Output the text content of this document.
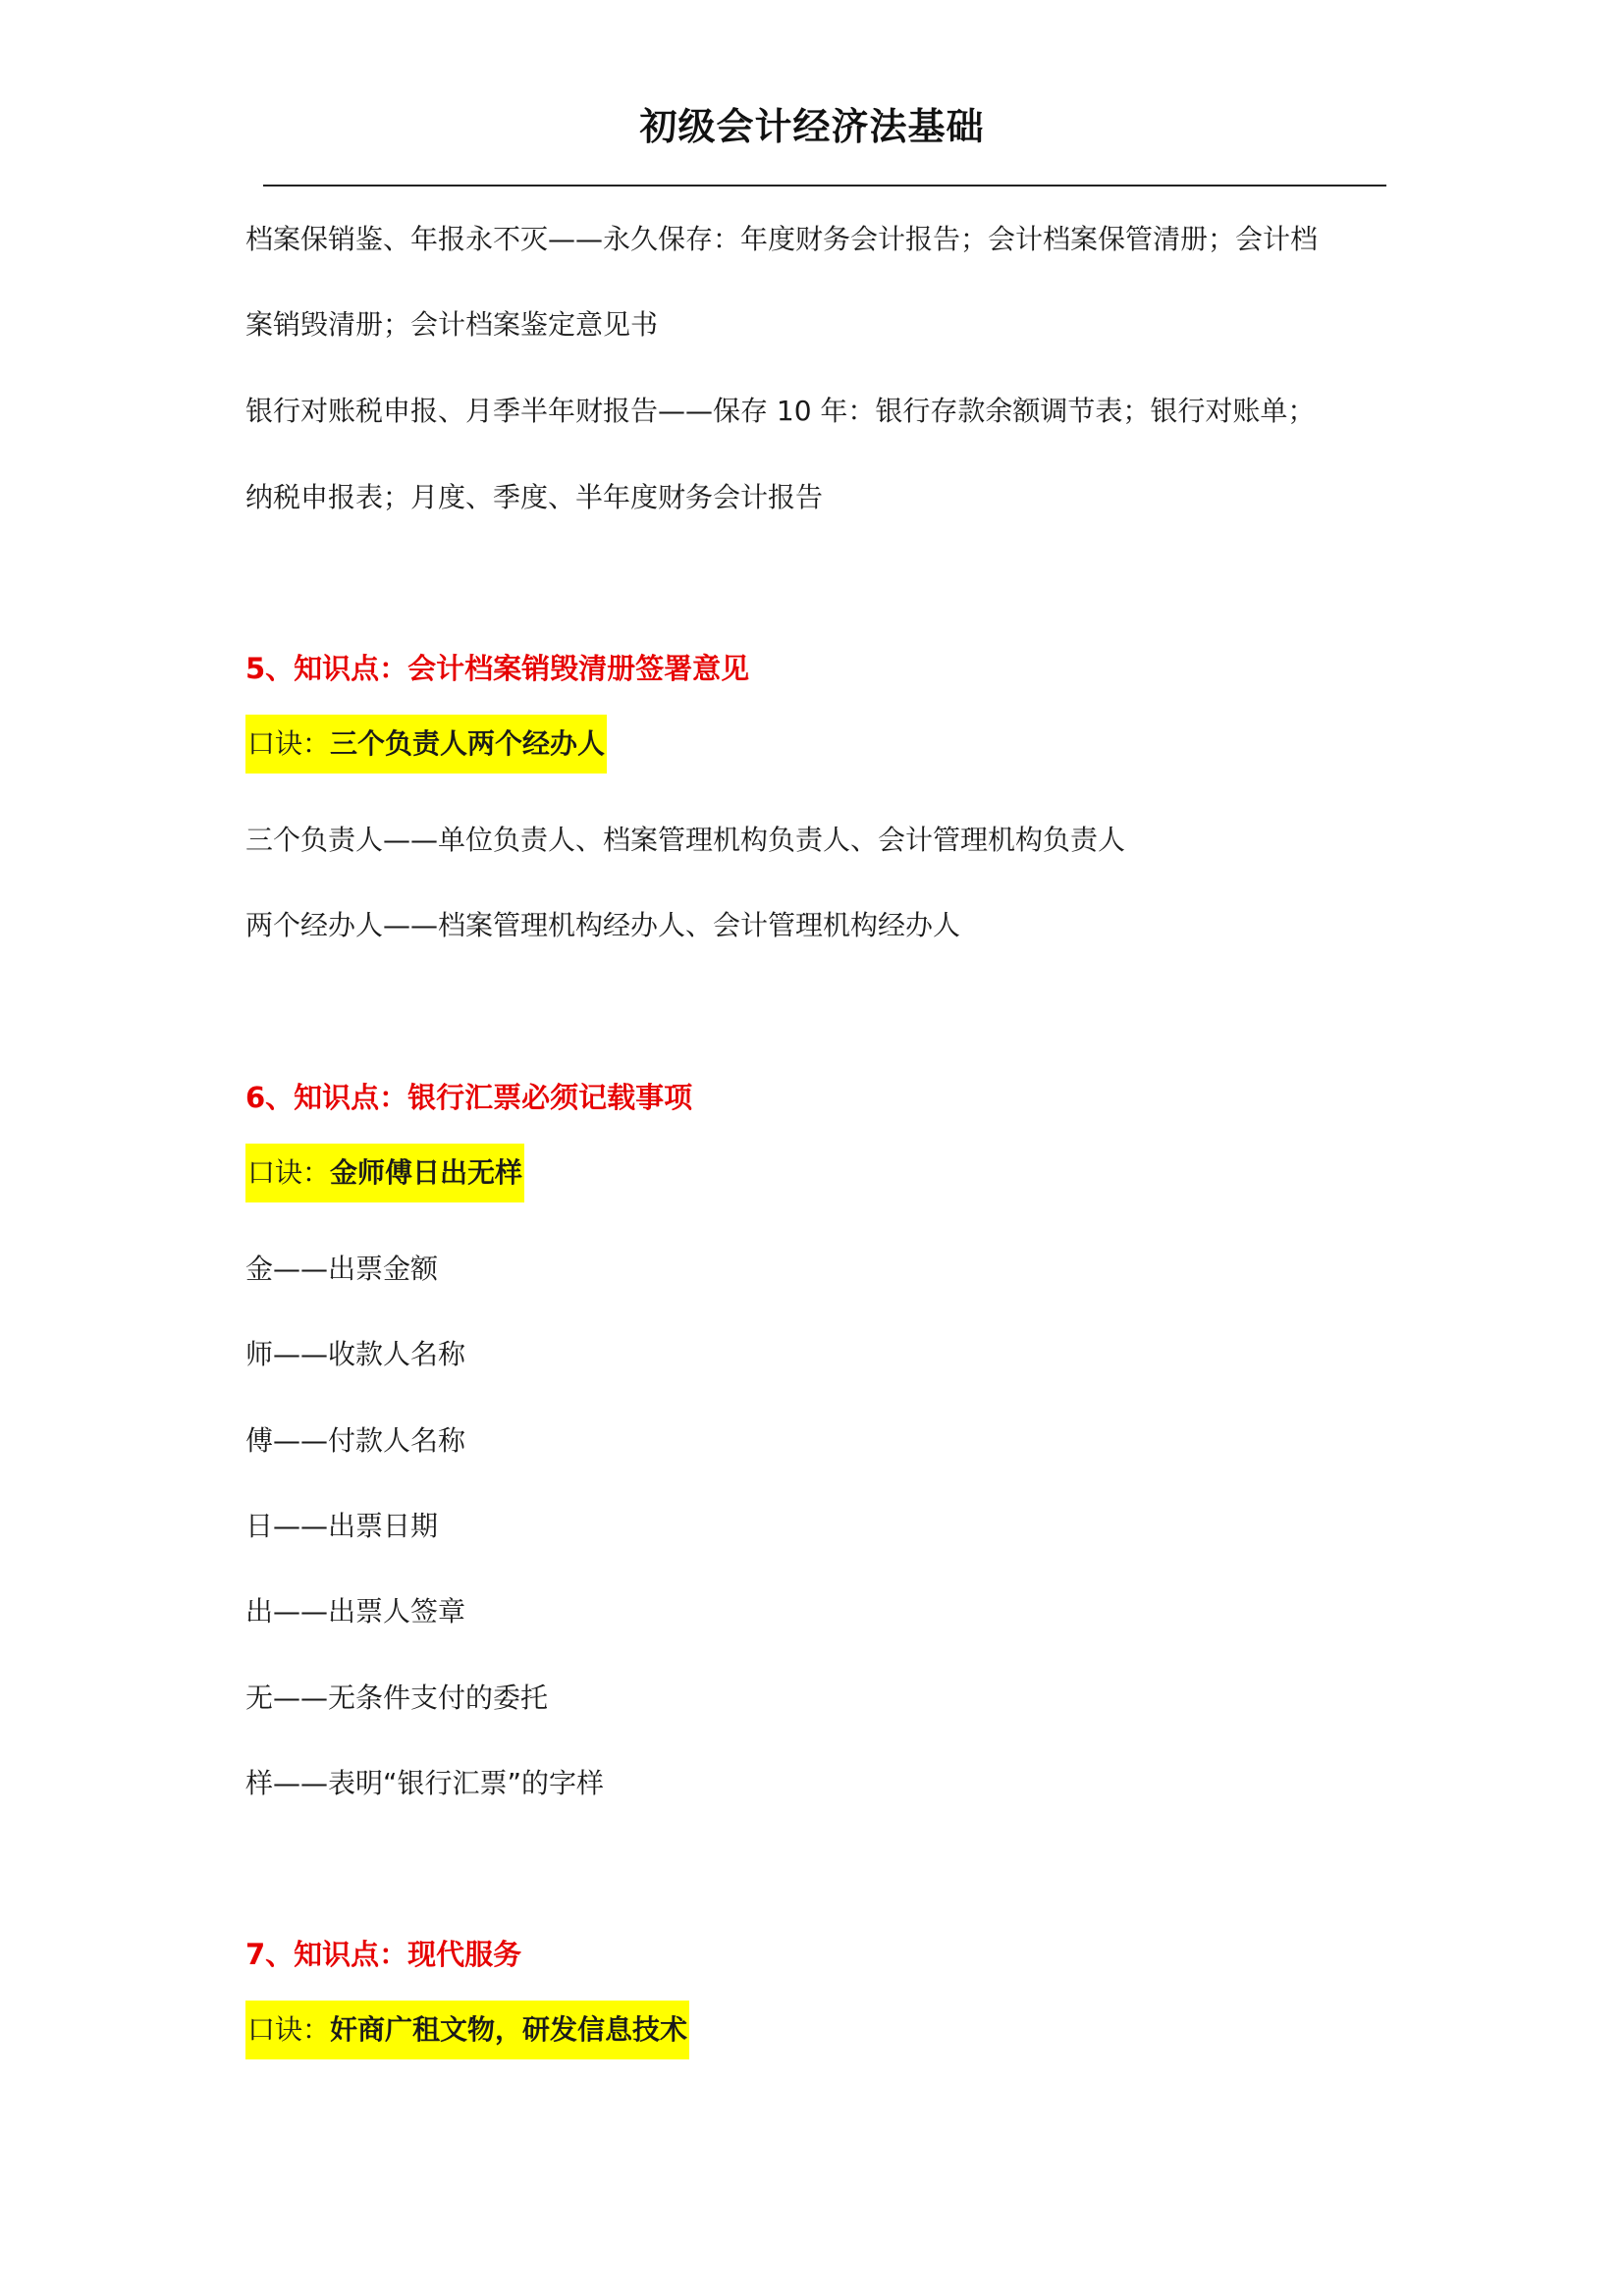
初级会计经济法基础
档案保销鉴、年报永不灭——永久保存：年度财务会计报告；会计档案保管清册；会计档
案销毁清册；会计档案鉴定意见书
银行对账税申报、月季半年财报告——保存 10 年：银行存款余额调节表；银行对账单；
纳税申报表；月度、季度、半年度财务会计报告
5、知识点：会计档案销毁清册签署意见
口诀：三个负责人两个经办人
三个负责人——单位负责人、档案管理机构负责人、会计管理机构负责人
两个经办人——档案管理机构经办人、会计管理机构经办人
6、知识点：银行汇票必须记载事项
口诀：金师傅日出无样
金——出票金额
师——收款人名称
傅——付款人名称
日——出票日期
出——出票人签章
无——无条件支付的委托
样——表明“银行汇票”的字样
7、知识点：现代服务
口诀：奸商广租文物，研发信息技术
